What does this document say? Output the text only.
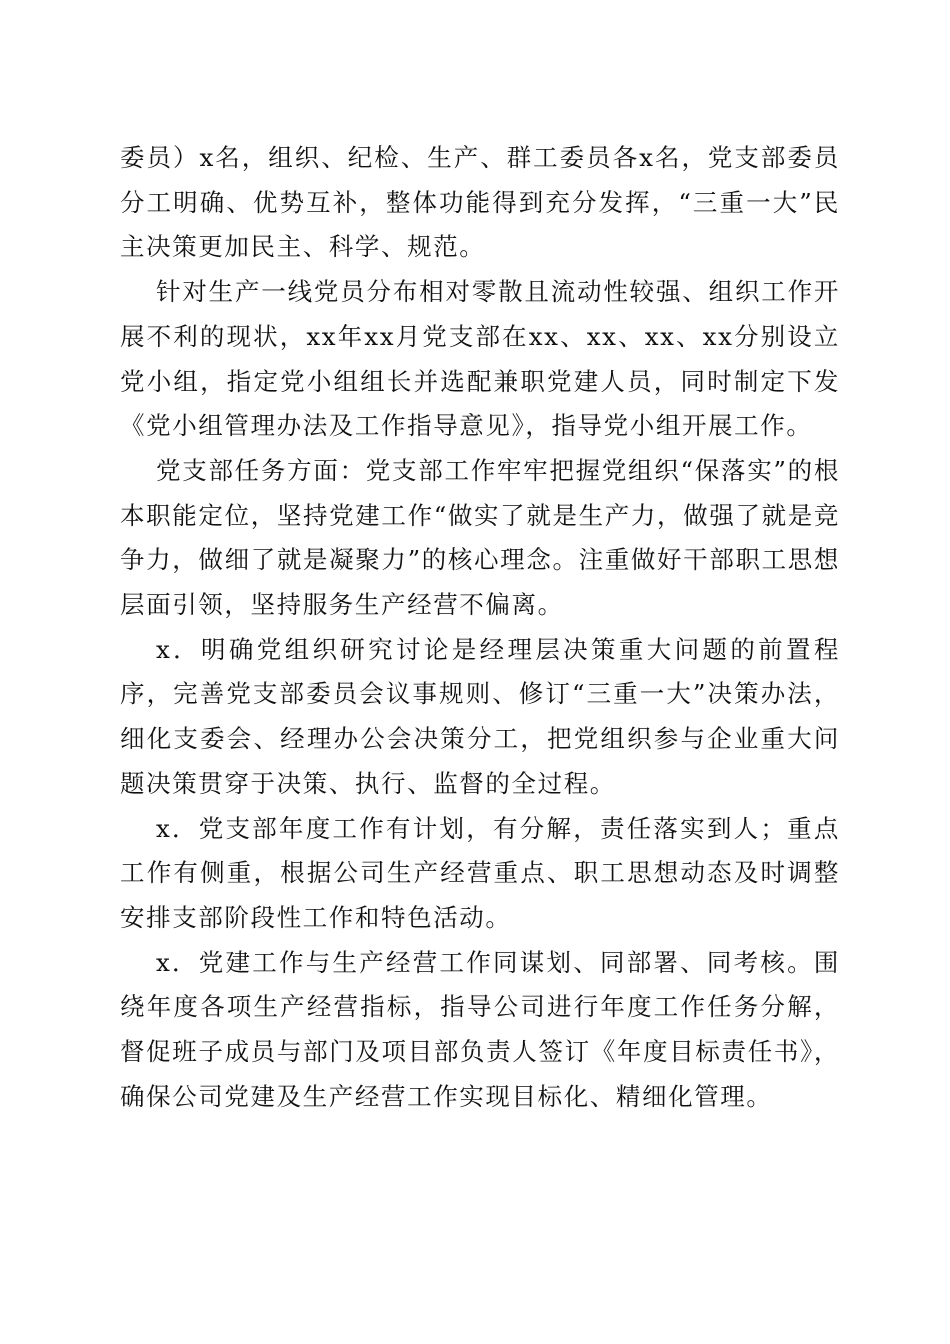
委员）x名，组织、纪检、生产、群工委员各x名，党支部委员分工明确、优势互补，整体功能得到充分发挥，“三重一大”民主决策更加民主、科学、规范。

针对生产一线党员分布相对零散且流动性较强、组织工作开展不利的现状，xx年xx月党支部在xx、xx、xx、xx分别设立党小组，指定党小组组长并选配兼职党建人员，同时制定下发《党小组管理办法及工作指导意见》，指导党小组开展工作。

党支部任务方面：党支部工作牢牢把握党组织“保落实”的根本职能定位，坚持党建工作“做实了就是生产力，做强了就是竞争力，做细了就是凝聚力”的核心理念。注重做好干部职工思想层面引领，坚持服务生产经营不偏离。

x．明确党组织研究讨论是经理层决策重大问题的前置程序，完善党支部委员会议事规则、修订“三重一大”决策办法，细化支委会、经理办公会决策分工，把党组织参与企业重大问题决策贯穿于决策、执行、监督的全过程。

x．党支部年度工作有计划，有分解，责任落实到人；重点工作有侧重，根据公司生产经营重点、职工思想动态及时调整安排支部阶段性工作和特色活动。

x．党建工作与生产经营工作同谋划、同部署、同考核。围绕年度各项生产经营指标，指导公司进行年度工作任务分解，督促班子成员与部门及项目部负责人签订《年度目标责任书》，确保公司党建及生产经营工作实现目标化、精细化管理。
